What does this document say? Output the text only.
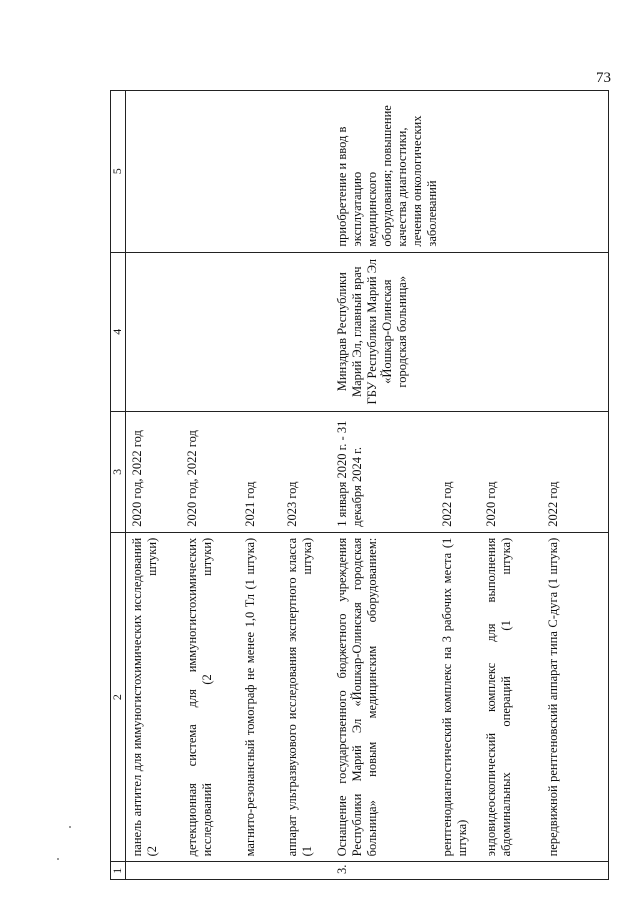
73
1	2	3	4	5

	панель антител для иммуногистохимических исследований (2 штуки)	2020 год, 2022 год		

	детекционная система для иммуногистохимических исследований (2 штуки)	2020 год, 2022 год		

	магнито-резонансный томограф не менее 1,0 Тл (1 штука)	2021 год		

	аппарат ультразвукового исследования экспертного класса (1 штука)	2023 год		
3.	Оснащение государственного бюджетного учреждения Республики Марий Эл «Йошкар-Олинская городская больница» новым медицинским оборудованием:	1 января 2020 г. - 31 декабря 2024 г.	Минздрав Республики Марий Эл, главный врач ГБУ Республики Марий Эл «Йошкар-Олинская городская больница»	приобретение и ввод в эксплуатацию медицинского оборудования; повышение качества диагностики, лечения онкологических заболеваний

	рентгенодиагностический комплекс на 3 рабочих места (1 штука)	2022 год		

	эндовидеоскопический комплекс для выполнения абдоминальных операций (1 штука)	2020 год		

	передвижной рентгеновский аппарат типа С-дуга (1 штука)	2022 год		
